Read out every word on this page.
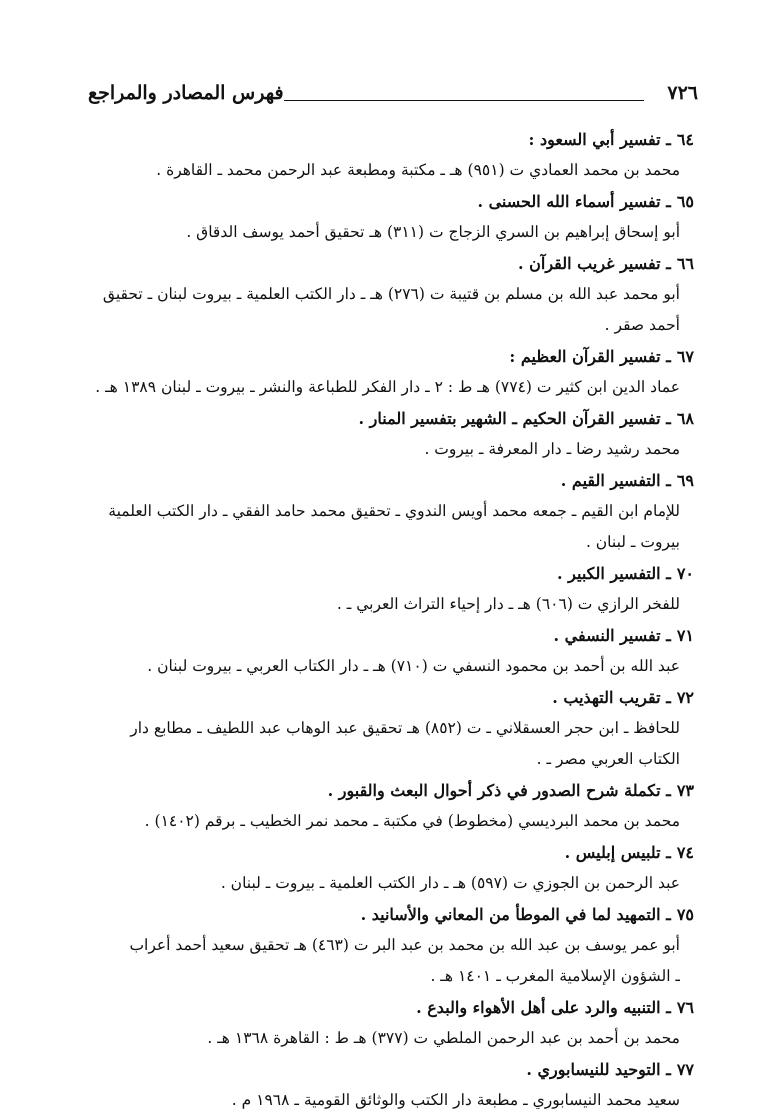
٧٢٦
فهرس المصادر والمراجع
٦٤ـ تفسير أبي السعود :
محمد بن محمد العمادي ت (٩٥١) هـ ـ مكتبة ومطبعة عبد الرحمن محمد ـ القاهرة .
٦٥ـ تفسير أسماء الله الحسنى .
أبو إسحاق إبراهيم بن السري الزجاج ت (٣١١) هـ تحقيق أحمد يوسف الدقاق .
٦٦ـ تفسير غريب القرآن .
أبو محمد عبد الله بن مسلم بن قتيبة ت (٢٧٦) هـ ـ دار الكتب العلمية ـ بيروت لبنان ـ تحقيق
أحمد صقر .
٦٧ـ تفسير القرآن العظيم :
عماد الدين ابن كثير ت (٧٧٤) هـ ط : ٢ ـ دار الفكر للطباعة والنشر ـ بيروت ـ لبنان ١٣٨٩ هـ .
٦٨ـ تفسير القرآن الحكيم ـ الشهير بتفسير المنار .
محمد رشيد رضا ـ دار المعرفة ـ بيروت .
٦٩ـ التفسير القيم .
للإمام ابن القيم ـ جمعه محمد أويس الندوي ـ تحقيق محمد حامد الفقي ـ دار الكتب العلمية
بيروت ـ لبنان .
٧٠ـ التفسير الكبير .
للفخر الرازي ت (٦٠٦) هـ ـ دار إحياء التراث العربي ـ .
٧١ـ تفسير النسفي .
عبد الله بن أحمد بن محمود النسفي ت (٧١٠) هـ ـ دار الكتاب العربي ـ بيروت لبنان .
٧٢ـ تقريب التهذيب .
للحافظ ـ ابن حجر العسقلاني ـ ت (٨٥٢) هـ تحقيق عبد الوهاب عبد اللطيف ـ مطابع دار
الكتاب العربي مصر ـ .
٧٣ـ تكملة شرح الصدور في ذكر أحوال البعث والقبور .
محمد بن محمد البرديسي (مخطوط) في مكتبة ـ محمد نمر الخطيب ـ برقم (١٤٠٢) .
٧٤ـ تلبيس إبليس .
عبد الرحمن بن الجوزي ت (٥٩٧) هـ ـ دار الكتب العلمية ـ بيروت ـ لبنان .
٧٥ـ التمهيد لما في الموطأ من المعاني والأسانيد .
أبو عمر يوسف بن عبد الله بن محمد بن عبد البر ت (٤٦٣) هـ تحقيق سعيد أحمد أعراب
ـ الشؤون الإسلامية المغرب ـ ١٤٠١ هـ .
٧٦ـ التنبيه والرد على أهل الأهواء والبدع .
محمد بن أحمد بن عبد الرحمن الملطي ت (٣٧٧) هـ ط : القاهرة ١٣٦٨ هـ .
٧٧ـ التوحيد للنيسابوري .
سعيد محمد النيسابوري ـ مطبعة دار الكتب والوثائق القومية ـ ١٩٦٨ م .
